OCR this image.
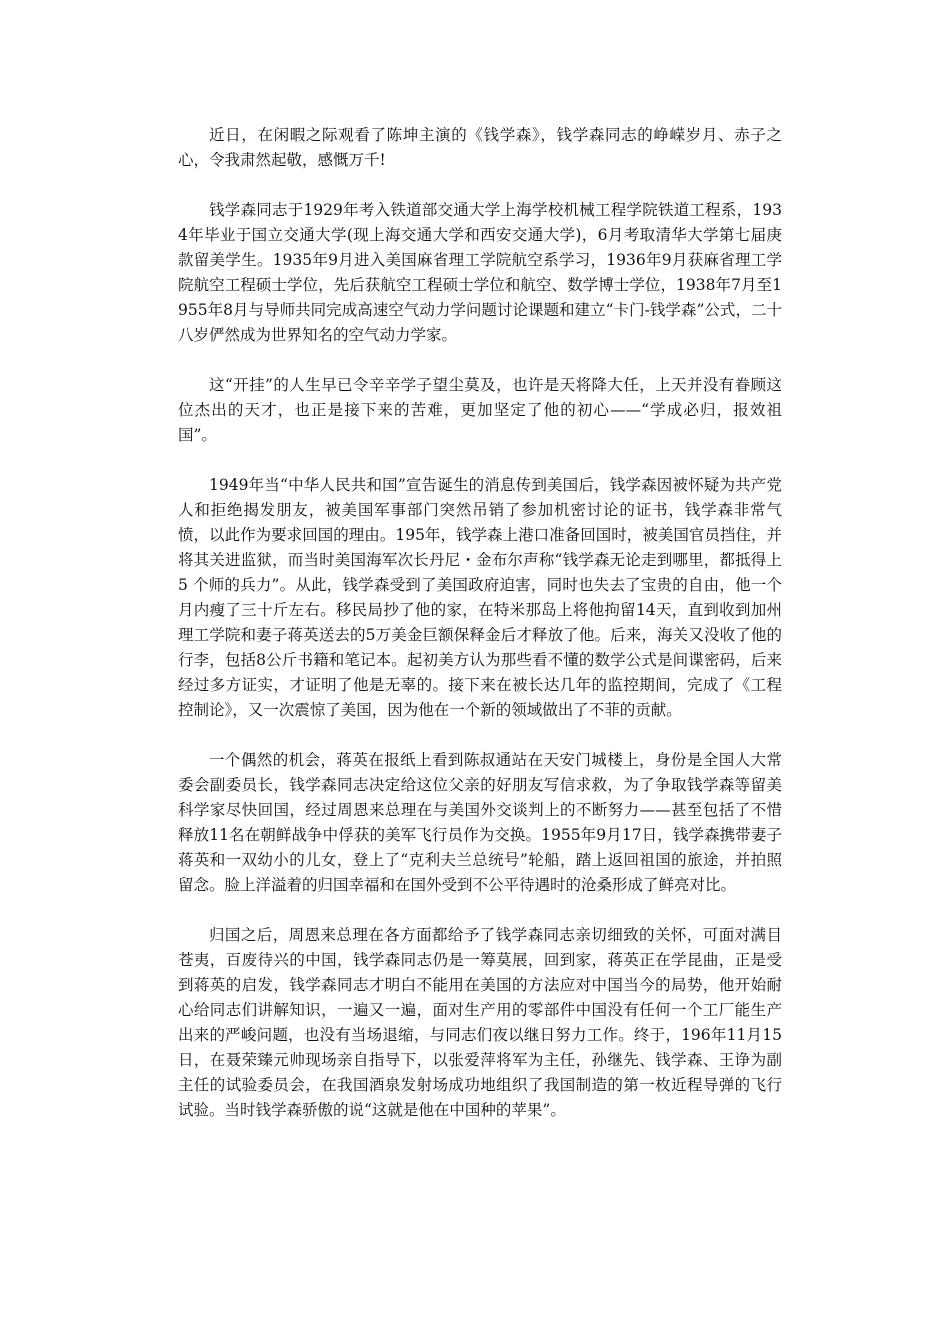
近日，在闲暇之际观看了陈坤主演的《钱学森》，钱学森同志的峥嵘岁月、赤子之心，令我肃然起敬，感慨万千!

钱学森同志于1929年考入铁道部交通大学上海学校机械工程学院铁道工程系，1934年毕业于国立交通大学(现上海交通大学和西安交通大学)，6月考取清华大学第七届庚款留美学生。1935年9月进入美国麻省理工学院航空系学习，1936年9月获麻省理工学院航空工程硕士学位，先后获航空工程硕士学位和航空、数学博士学位，1938年7月至1955年8月与导师共同完成高速空气动力学问题讨论课题和建立“卡门-钱学森”公式，二十八岁俨然成为世界知名的空气动力学家。

这“开挂”的人生早已令辛辛学子望尘莫及，也许是天将降大任，上天并没有眷顾这位杰出的天才，也正是接下来的苦难，更加坚定了他的初心——“学成必归，报效祖国”。

1949年当“中华人民共和国”宣告诞生的消息传到美国后，钱学森因被怀疑为共产党人和拒绝揭发朋友，被美国军事部门突然吊销了参加机密讨论的证书，钱学森非常气愤，以此作为要求回国的理由。195年，钱学森上港口准备回国时，被美国官员挡住，并将其关进监狱，而当时美国海军次长丹尼・金布尔声称“钱学森无论走到哪里，都抵得上5 个师的兵力”。从此，钱学森受到了美国政府迫害，同时也失去了宝贵的自由，他一个月内瘦了三十斤左右。移民局抄了他的家，在特米那岛上将他拘留14天，直到收到加州理工学院和妻子蒋英送去的5万美金巨额保释金后才释放了他。后来，海关又没收了他的行李，包括8公斤书籍和笔记本。起初美方认为那些看不懂的数学公式是间谍密码，后来经过多方证实，才证明了他是无辜的。接下来在被长达几年的监控期间，完成了《工程控制论》，又一次震惊了美国，因为他在一个新的领域做出了不菲的贡献。

一个偶然的机会，蒋英在报纸上看到陈叔通站在天安门城楼上，身份是全国人大常委会副委员长，钱学森同志决定给这位父亲的好朋友写信求救，为了争取钱学森等留美科学家尽快回国，经过周恩来总理在与美国外交谈判上的不断努力——甚至包括了不惜释放11名在朝鲜战争中俘获的美军飞行员作为交换。1955年9月17日，钱学森携带妻子蒋英和一双幼小的儿女，登上了“克利夫兰总统号”轮船，踏上返回祖国的旅途，并拍照留念。脸上洋溢着的归国幸福和在国外受到不公平待遇时的沧桑形成了鲜亮对比。

归国之后，周恩来总理在各方面都给予了钱学森同志亲切细致的关怀，可面对满目苍夷，百废待兴的中国，钱学森同志仍是一筹莫展，回到家，蒋英正在学昆曲，正是受到蒋英的启发，钱学森同志才明白不能用在美国的方法应对中国当今的局势，他开始耐心给同志们讲解知识，一遍又一遍，面对生产用的零部件中国没有任何一个工厂能生产出来的严峻问题，也没有当场退缩，与同志们夜以继日努力工作。终于，196年11月15日，在聂荣臻元帅现场亲自指导下，以张爱萍将军为主任，孙继先、钱学森、王诤为副主任的试验委员会，在我国酒泉发射场成功地组织了我国制造的第一枚近程导弹的飞行试验。当时钱学森骄傲的说“这就是他在中国种的苹果”。
